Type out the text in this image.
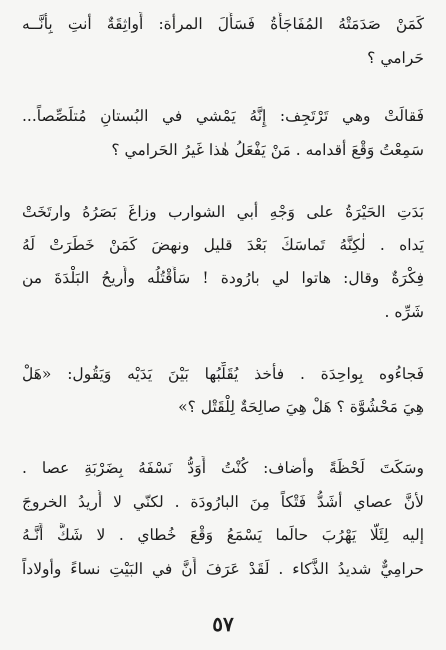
كَمَنْ صَدَمَتْهُ المُفَاجَأَةُ فَسَأَلَ المرأة: أَواثِقَةٌ أنتِ بِأنَّــه
حَرامي ؟
فَقالَتْ وهي تَرْتَجِف: إِنَّهُ يَمْشي في البُستانِ مُتلَصِّصاً...
سَمِعْتُ وَقْعَ أقدامه . مَنْ يَفْعَلُ هٰذا غَيرُ الحَرامي ؟
بَدَتِ الحَيْرَةُ على وَجْهِ أبي الشوارب وزاغَ بَصَرُهُ وارتَخَتْ
يَداه . لٰكِنَّهُ تَماسَكَ بَعْدَ قليل ونهضَ كَمَنْ خَطَرَتْ لَهُ
فِكْرَةٌ وقال: هاتوا لي بارُودة ! سَأَقْتُلُه وأُريحُ البَلْدَةَ من
شَرِّه .
فَجاءُوه بِواحِدَة . فأخذ يُقَلِّبُها بَيْنَ يَدَيْه وَيَقُول: «هَلْ
هِيَ مَحْشُوَّة ؟ هَلْ هِيَ صالِحَةٌ لِلْقَتْل ؟»
وسَكَتَ لَحْظَةً وأضاف: كُنْتُ أَوَدُّ نَسْفَهُ بِضَرْبَةِ عصا .
لأنَّ عصاي أشَدُّ فَتْكاً مِنَ البارُودَة . لكنّي لا أُريدُ الخروجَ
إليه لِئَلّا يَهْرُبَ حالَما يَسْمَعُ وَقْعَ خُطاي . لا شَكَّ أَنَّـهُ
حرامِيٌّ شديدُ الذَّكاء . لَقَدْ عَرَفَ أَنَّ في البَيْتِ نساءً وأولاداً
٥٧
